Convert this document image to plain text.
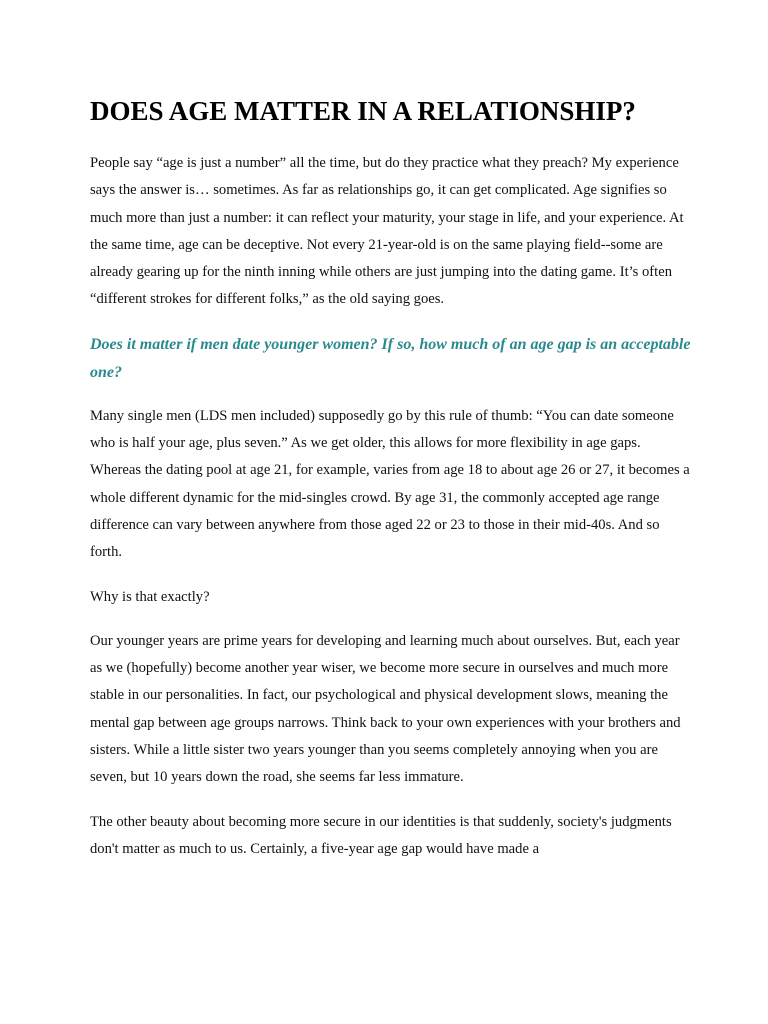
DOES AGE MATTER IN A RELATIONSHIP?

People say “age is just a number” all the time, but do they practice what they preach? My experience says the answer is… sometimes. As far as relationships go, it can get complicated. Age signifies so much more than just a number: it can reflect your maturity, your stage in life, and your experience. At the same time, age can be deceptive. Not every 21-year-old is on the same playing field--some are already gearing up for the ninth inning while others are just jumping into the dating game. It’s often “different strokes for different folks,” as the old saying goes.

Does it matter if men date younger women? If so, how much of an age gap is an acceptable one?

Many single men (LDS men included) supposedly go by this rule of thumb: “You can date someone who is half your age, plus seven.” As we get older, this allows for more flexibility in age gaps. Whereas the dating pool at age 21, for example, varies from age 18 to about age 26 or 27, it becomes a whole different dynamic for the mid-singles crowd. By age 31, the commonly accepted age range difference can vary between anywhere from those aged 22 or 23 to those in their mid-40s. And so forth.

Why is that exactly?

Our younger years are prime years for developing and learning much about ourselves. But, each year as we (hopefully) become another year wiser, we become more secure in ourselves and much more stable in our personalities. In fact, our psychological and physical development slows, meaning the mental gap between age groups narrows. Think back to your own experiences with your brothers and sisters. While a little sister two years younger than you seems completely annoying when you are seven, but 10 years down the road, she seems far less immature.

The other beauty about becoming more secure in our identities is that suddenly, society's judgments don't matter as much to us. Certainly, a five-year age gap would have made a
